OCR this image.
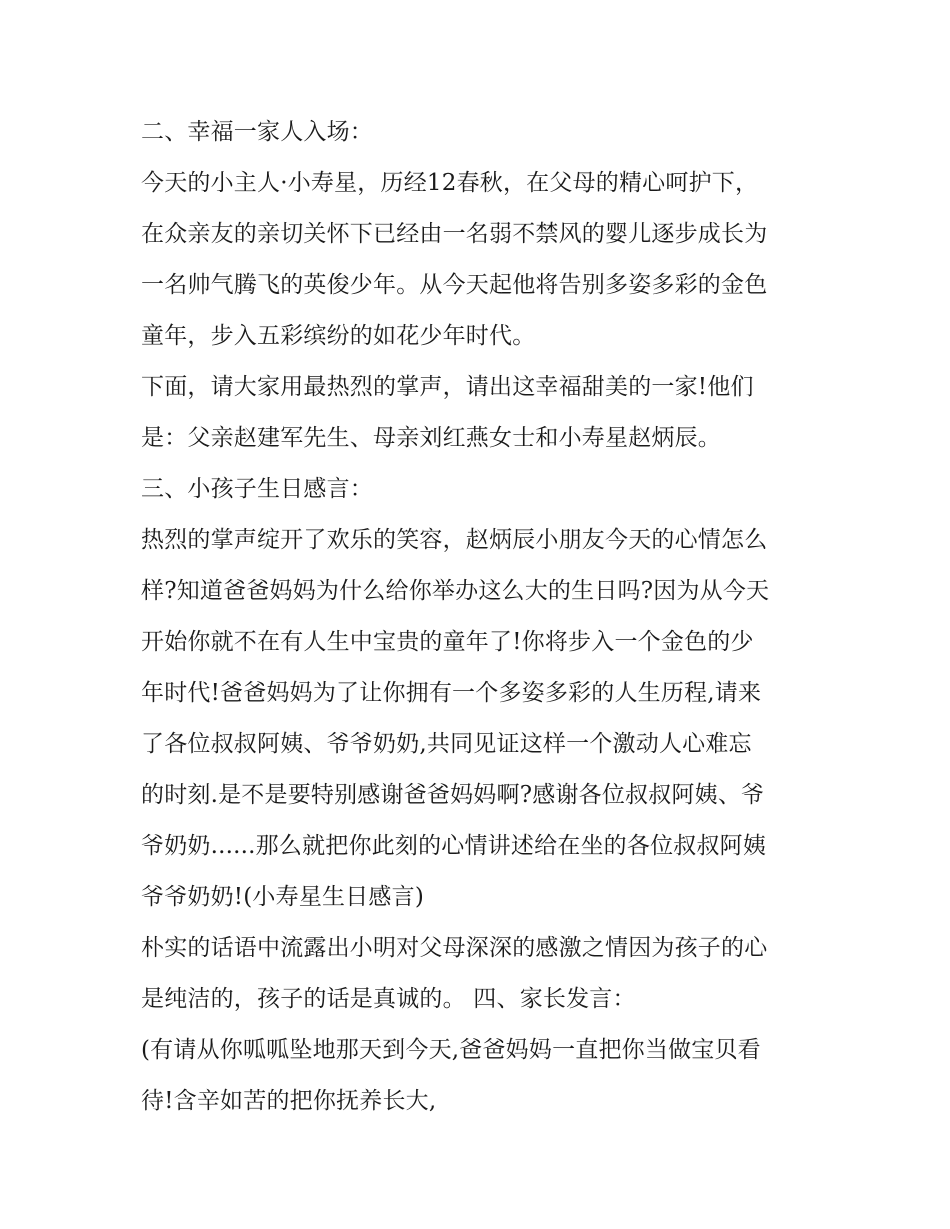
二、幸福一家人入场：
今天的小主人·小寿星，历经12春秋，在父母的精心呵护下，
在众亲友的亲切关怀下已经由一名弱不禁风的婴儿逐步成长为
一名帅气腾飞的英俊少年。从今天起他将告别多姿多彩的金色
童年，步入五彩缤纷的如花少年时代。
下面，请大家用最热烈的掌声，请出这幸福甜美的一家!他们
是：父亲赵建军先生、母亲刘红燕女士和小寿星赵炳辰。
三、小孩子生日感言：
热烈的掌声绽开了欢乐的笑容，赵炳辰小朋友今天的心情怎么
样?知道爸爸妈妈为什么给你举办这么大的生日吗?因为从今天
开始你就不在有人生中宝贵的童年了!你将步入一个金色的少
年时代!爸爸妈妈为了让你拥有一个多姿多彩的人生历程,请来
了各位叔叔阿姨、爷爷奶奶,共同见证这样一个激动人心难忘
的时刻.是不是要特别感谢爸爸妈妈啊?感谢各位叔叔阿姨、爷
爷奶奶......那么就把你此刻的心情讲述给在坐的各位叔叔阿姨
爷爷奶奶!(小寿星生日感言)
朴实的话语中流露出小明对父母深深的感激之情因为孩子的心
是纯洁的，孩子的话是真诚的。 四、家长发言：
(有请从你呱呱坠地那天到今天,爸爸妈妈一直把你当做宝贝看
待!含辛如苦的把你抚养长大,
